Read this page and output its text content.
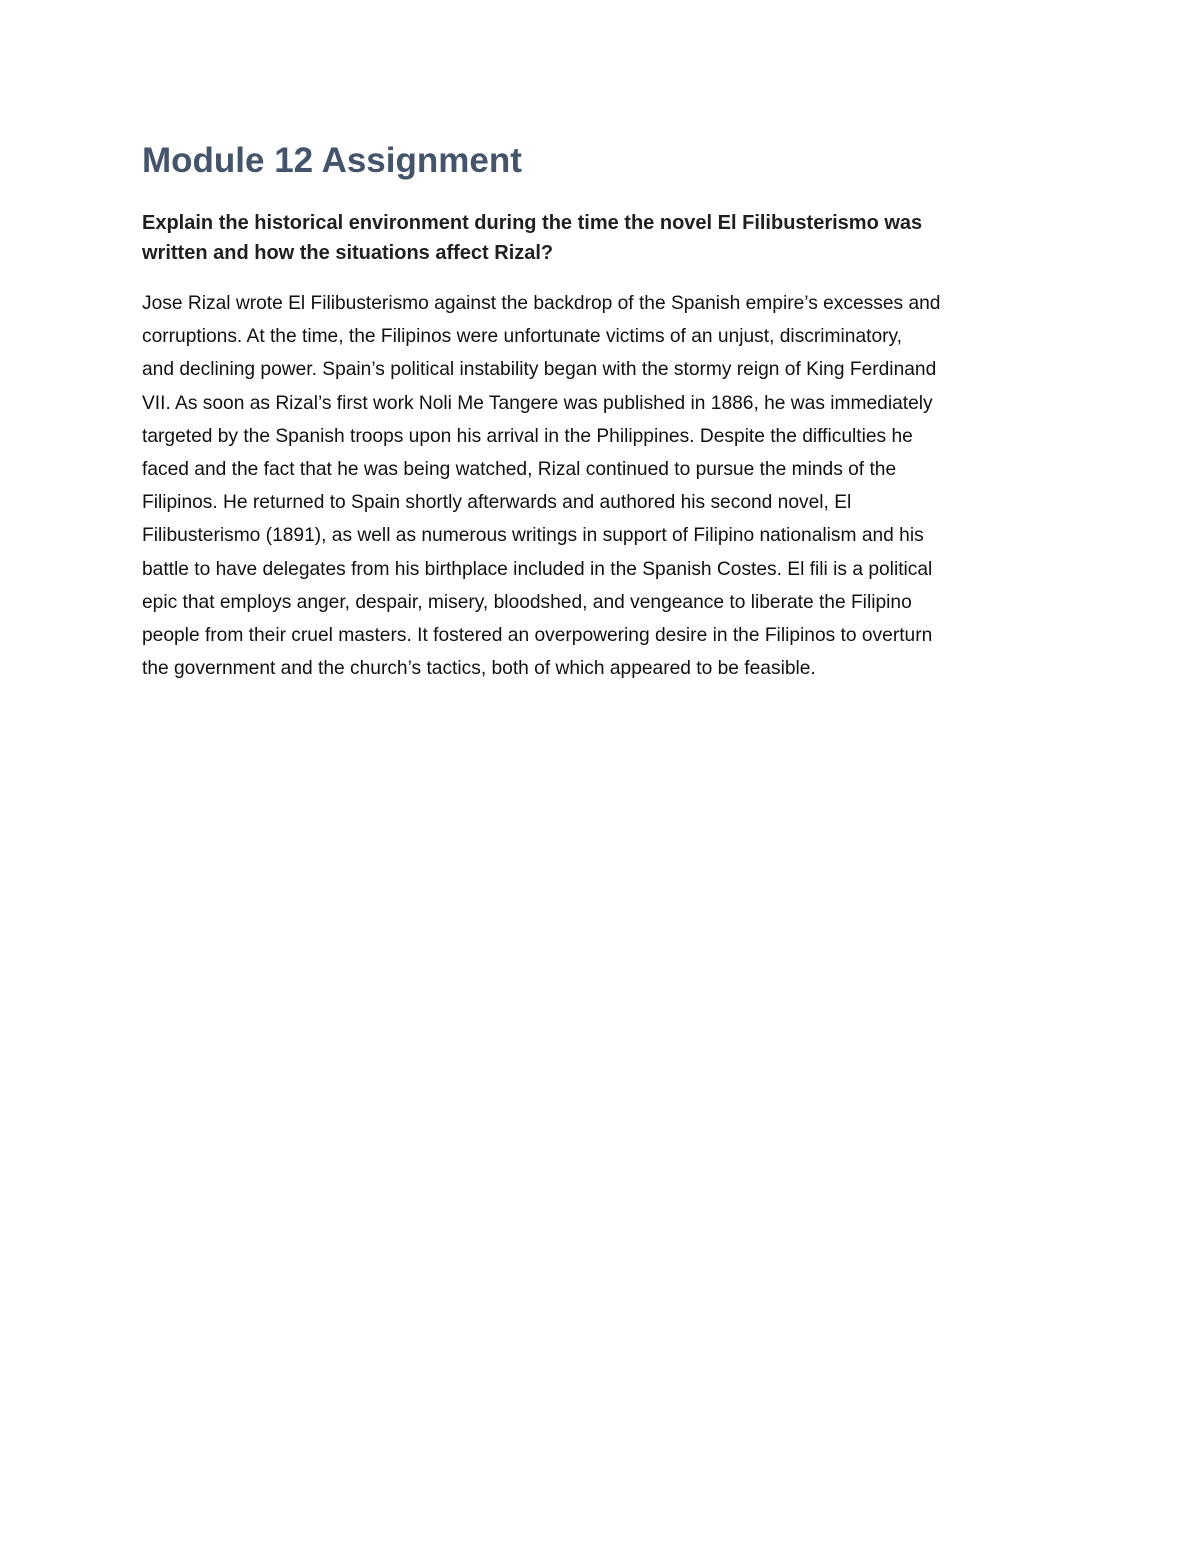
Module 12 Assignment

Explain the historical environment during the time the novel El Filibusterismo was
written and how the situations affect Rizal?

Jose Rizal wrote El Filibusterismo against the backdrop of the Spanish empire’s excesses and
corruptions. At the time, the Filipinos were unfortunate victims of an unjust, discriminatory,
and declining power. Spain’s political instability began with the stormy reign of King Ferdinand
VII. As soon as Rizal’s first work Noli Me Tangere was published in 1886, he was immediately
targeted by the Spanish troops upon his arrival in the Philippines. Despite the difficulties he
faced and the fact that he was being watched, Rizal continued to pursue the minds of the
Filipinos. He returned to Spain shortly afterwards and authored his second novel, El
Filibusterismo (1891), as well as numerous writings in support of Filipino nationalism and his
battle to have delegates from his birthplace included in the Spanish Costes. El fili is a political
epic that employs anger, despair, misery, bloodshed, and vengeance to liberate the Filipino
people from their cruel masters. It fostered an overpowering desire in the Filipinos to overturn
the government and the church’s tactics, both of which appeared to be feasible.
